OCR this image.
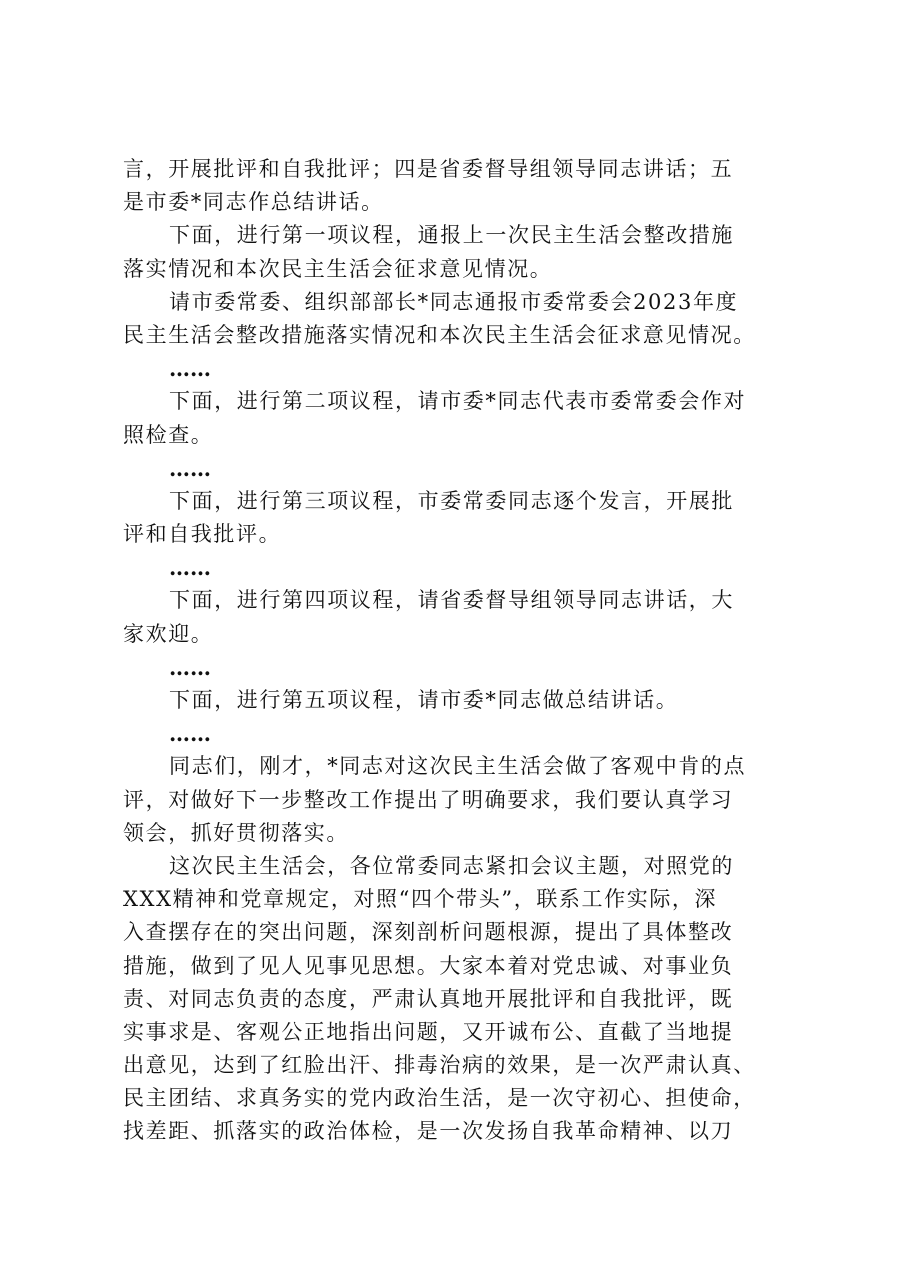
言，开展批评和自我批评；四是省委督导组领导同志讲话；五
是市委*同志作总结讲话。
下面，进行第一项议程，通报上一次民主生活会整改措施
落实情况和本次民主生活会征求意见情况。
请市委常委、组织部部长*同志通报市委常委会2023年度
民主生活会整改措施落实情况和本次民主生活会征求意见情况。
……
下面，进行第二项议程，请市委*同志代表市委常委会作对
照检查。
……
下面，进行第三项议程，市委常委同志逐个发言，开展批
评和自我批评。
……
下面，进行第四项议程，请省委督导组领导同志讲话，大
家欢迎。
……
下面，进行第五项议程，请市委*同志做总结讲话。
……
同志们，刚才，*同志对这次民主生活会做了客观中肯的点
评，对做好下一步整改工作提出了明确要求，我们要认真学习
领会，抓好贯彻落实。
这次民主生活会，各位常委同志紧扣会议主题，对照党的
XXX精神和党章规定，对照“四个带头”，联系工作实际，深
入查摆存在的突出问题，深刻剖析问题根源，提出了具体整改
措施，做到了见人见事见思想。大家本着对党忠诚、对事业负
责、对同志负责的态度，严肃认真地开展批评和自我批评，既
实事求是、客观公正地指出问题，又开诚布公、直截了当地提
出意见，达到了红脸出汗、排毒治病的效果，是一次严肃认真、
民主团结、求真务实的党内政治生活，是一次守初心、担使命，
找差距、抓落实的政治体检，是一次发扬自我革命精神、以刀
